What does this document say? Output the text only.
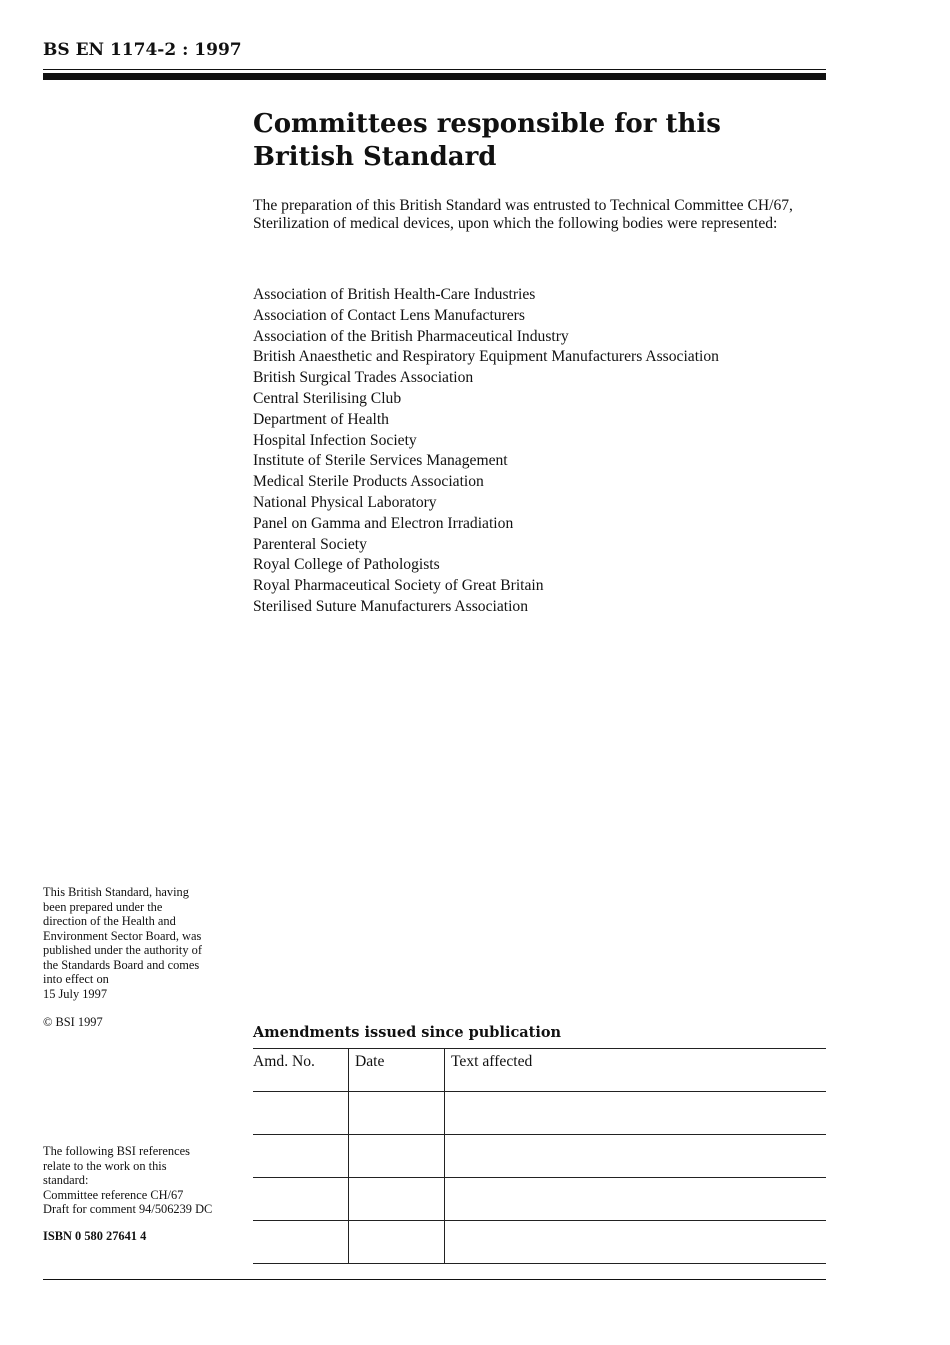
BS EN 1174-2 : 1997
Committees responsible for this
British Standard

The preparation of this British Standard was entrusted to Technical Committee CH/67, Sterilization of medical devices, upon which the following bodies were represented:

Association of British Health-Care Industries
Association of Contact Lens Manufacturers
Association of the British Pharmaceutical Industry
British Anaesthetic and Respiratory Equipment Manufacturers Association
British Surgical Trades Association
Central Sterilising Club
Department of Health
Hospital Infection Society
Institute of Sterile Services Management
Medical Sterile Products Association
National Physical Laboratory
Panel on Gamma and Electron Irradiation
Parenteral Society
Royal College of Pathologists
Royal Pharmaceutical Society of Great Britain
Sterilised Suture Manufacturers Association

This British Standard, having
been prepared under the
direction of the Health and
Environment Sector Board, was
published under the authority of
the Standards Board and comes
into effect on
15 July 1997

© BSI 1997

The following BSI references
relate to the work on this
standard:
Committee reference CH/67
Draft for comment 94/506239 DC

ISBN 0 580 27641 4

Amendments issued since publication
Amd. No.	Date	Text affected
